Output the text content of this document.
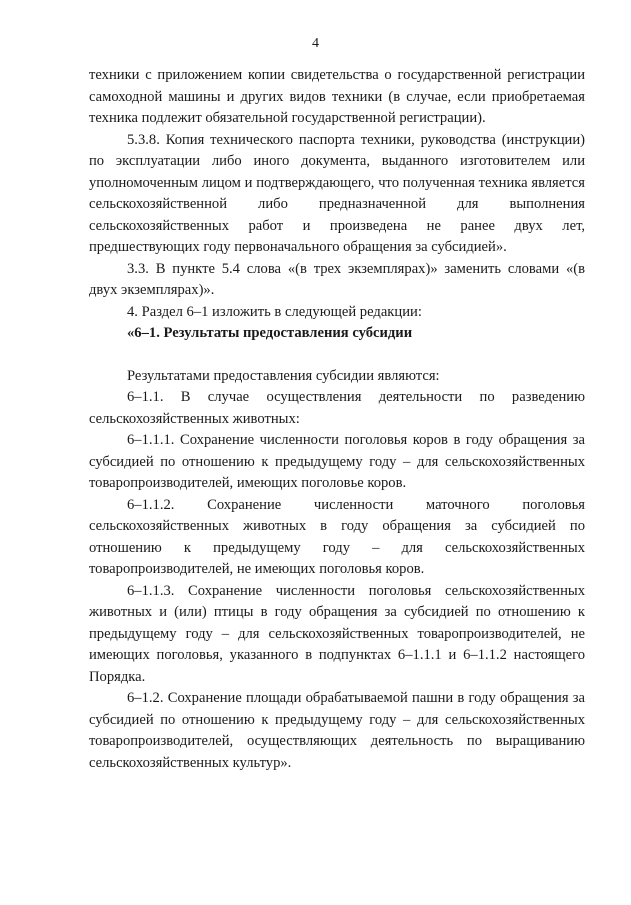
4

техники с приложением копии свидетельства о государственной регистрации самоходной машины и других видов техники (в случае, если приобретаемая техника подлежит обязательной государственной регистрации).

5.3.8. Копия технического паспорта техники, руководства (инструкции) по эксплуатации либо иного документа, выданного изготовителем или уполномоченным лицом и подтверждающего, что полученная техника является сельскохозяйственной либо предназначенной для выполнения сельскохозяйственных работ и произведена не ранее двух лет, предшествующих году первоначального обращения за субсидией».

3.3. В пункте 5.4 слова «(в трех экземплярах)» заменить словами «(в двух экземплярах)».

4. Раздел 6–1 изложить в следующей редакции:

«6–1. Результаты предоставления субсидии

Результатами предоставления субсидии являются:

6–1.1. В случае осуществления деятельности по разведению сельскохозяйственных животных:

6–1.1.1. Сохранение численности поголовья коров в году обращения за субсидией по отношению к предыдущему году – для сельскохозяйственных товаропроизводителей, имеющих поголовье коров.

6–1.1.2. Сохранение численности маточного поголовья сельскохозяйственных животных в году обращения за субсидией по отношению к предыдущему году – для сельскохозяйственных товаропроизводителей, не имеющих поголовья коров.

6–1.1.3. Сохранение численности поголовья сельскохозяйственных животных и (или) птицы в году обращения за субсидией по отношению к предыдущему году – для сельскохозяйственных товаропроизводителей, не имеющих поголовья, указанного в подпунктах 6–1.1.1 и 6–1.1.2 настоящего Порядка.

6–1.2. Сохранение площади обрабатываемой пашни в году обращения за субсидией по отношению к предыдущему году – для сельскохозяйственных товаропроизводителей, осуществляющих деятельность по выращиванию сельскохозяйственных культур».
